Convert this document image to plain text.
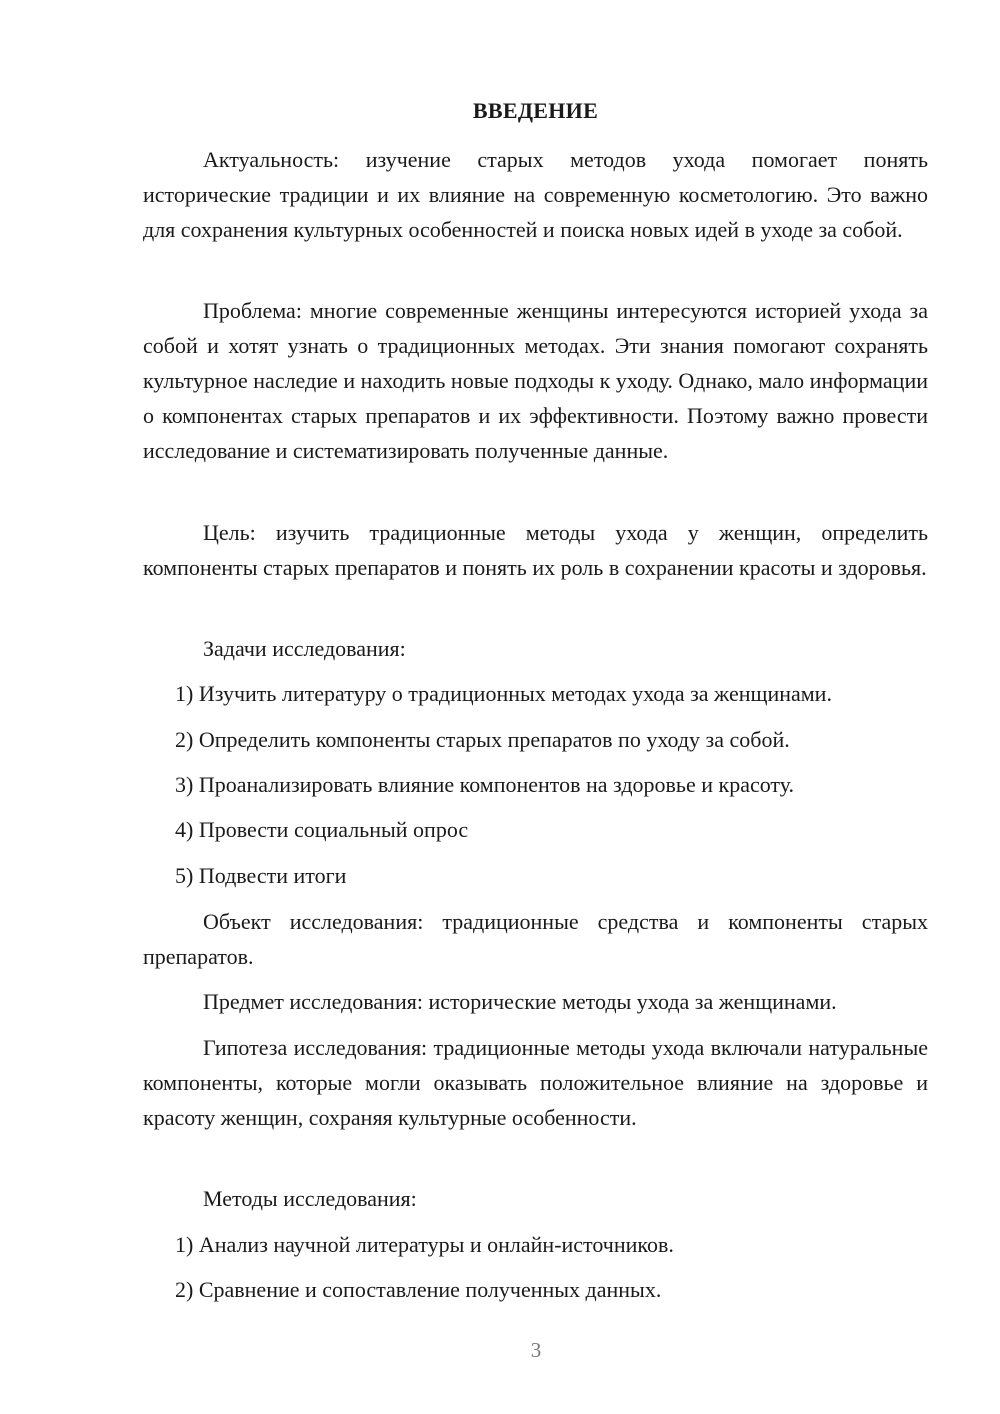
ВВЕДЕНИЕ

Актуальность: изучение старых методов ухода помогает понять исторические традиции и их влияние на современную косметологию. Это важно для сохранения культурных особенностей и поиска новых идей в уходе за собой.

Проблема: многие современные женщины интересуются историей ухода за собой и хотят узнать о традиционных методах. Эти знания помогают сохранять культурное наследие и находить новые подходы к уходу. Однако, мало информации о компонентах старых препаратов и их эффективности. Поэтому важно провести исследование и систематизировать полученные данные.

Цель: изучить традиционные методы ухода у женщин, определить компоненты старых препаратов и понять их роль в сохранении красоты и здоровья.

Задачи исследования:

1) Изучить литературу о традиционных методах ухода за женщинами.

2) Определить компоненты старых препаратов по уходу за собой.

3) Проанализировать влияние компонентов на здоровье и красоту.

4) Провести социальный опрос

5) Подвести итоги

Объект исследования: традиционные средства и компоненты старых препаратов.

Предмет исследования: исторические методы ухода за женщинами.

Гипотеза исследования: традиционные методы ухода включали натуральные компоненты, которые могли оказывать положительное влияние на здоровье и красоту женщин, сохраняя культурные особенности.

Методы исследования:

1) Анализ научной литературы и онлайн-источников.

2) Сравнение и сопоставление полученных данных.

3
